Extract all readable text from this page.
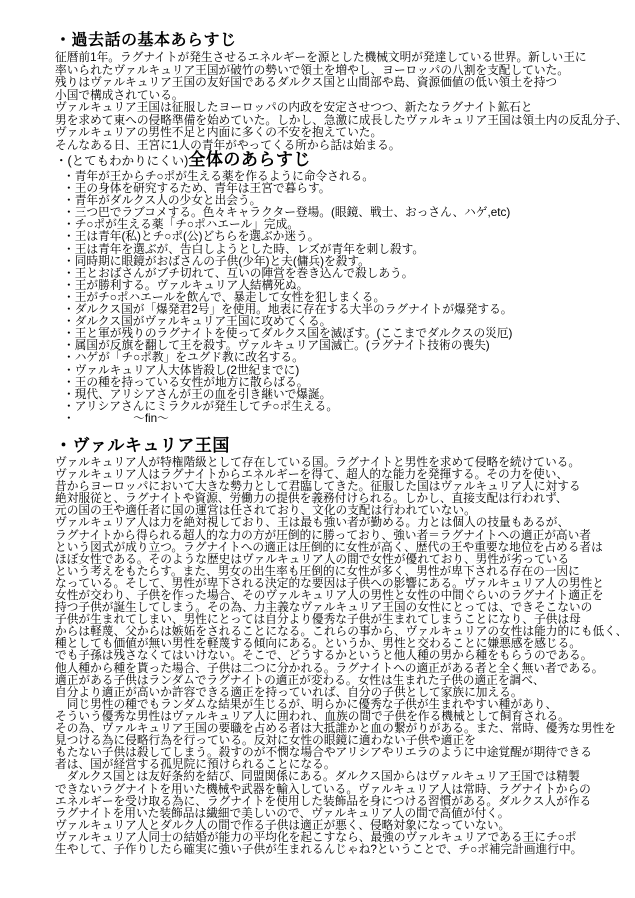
・過去話の基本あらすじ
征暦前1年。ラグナイトが発生させるエネルギーを源とした機械文明が発達している世界。新しい王に
率いられたヴァルキュリア王国が破竹の勢いで領土を増やし、ヨーロッパの八割を支配していた。
残りはヴァルキュリア王国の友好国であるダルクス国と山間部や島、資源価値の低い領土を持つ
小国で構成されている。
ヴァルキュリア王国は征服したヨーロッパの内政を安定させつつ、新たなラグナイト鉱石と
男を求めて東への侵略準備を始めていた。しかし、急激に成長したヴァルキュリア王国は領土内の反乱分子、
ヴァルキュリアの男性不足と内面に多くの不安を抱えていた。
そんなある日、王宮に1人の青年がやってくる所から話は始まる。
・(とてもわかりにくい)全体のあらすじ
・青年が王からチ○ポが生える薬を作るように命令される。
・王の身体を研究するため、青年は王宮で暮らす。
・青年がダルクス人の少女と出会う。
・三つ巴でラブコメする。色々キャラクター登場。(眼鏡、戦士、おっさん、ハゲ,etc)
・チ○ポが生える薬「チ○ポハエール」完成。
・王は青年(私)とチ○ポ(公)どちらを選ぶか迷う。
・王は青年を選ぶが、告白しようとした時、レズが青年を刺し殺す。
・同時期に眼鏡がおばさんの子供(少年)と夫(傭兵)を殺す。
・王とおばさんがブチ切れて、互いの陣営を巻き込んで殺しあう。
・王が勝利する。ヴァルキュリア人結構死ぬ。
・王がチ○ポハエールを飲んで、暴走して女性を犯しまくる。
・ダルクス国が「爆発君2号」を使用。地表に存在する大半のラグナイトが爆発する。
・ダルクス国がヴァルキュリア王国に攻めてくる。
・王と軍が残りのラグナイトを使ってダルクス国を滅ぼす。(ここまでダルクスの災厄)
・属国が反旗を翻して王を殺す。ヴァルキュリア国滅亡。(ラグナイト技術の喪失)
・ハゲが「チ○ポ教」をユグド教に改名する。
・ヴァルキュリア人大体皆殺し(2世紀までに)
・王の種を持っている女性が地方に散らばる。
・現代、アリシアさんが王の血を引き継いで爆誕。
・アリシアさんにミラクルが発生してチ○ポ生える。
・　　　　　～fin～
・ヴァルキュリア王国
ヴァルキュリア人が特権階級として存在している国。ラグナイトと男性を求めて侵略を続けている。
ヴァルキュリア人はラグナイトからエネルギーを得て、超人的な能力を発揮する。その力を使い、
昔からヨーロッパにおいて大きな勢力として君臨してきた。征服した国はヴァルキュリア人に対する
絶対服従と、ラグナイトや資源、労働力の提供を義務付けられる。しかし、直接支配は行われず、
元の国の王や適任者に国の運営は任されており、文化の支配は行われていない。
ヴァルキュリア人は力を絶対視しており、王は最も強い者が勤める。力とは個人の技量もあるが、
ラグナイトから得られる超人的な力の方が圧倒的に勝っており、強い者＝ラグナイトへの適正が高い者
という図式が成り立つ。ラグナイトへの適正は圧倒的に女性が高く、歴代の王や重要な地位を占める者は
ほぼ女性である。そのような歴史はヴァルキュリア人の間で女性が優れており、男性が劣っている
という考えをもたらす。また、男女の出生率も圧倒的に女性が多く、男性が卑下される存在の一因に
なっている。そして、男性が卑下される決定的な要因は子供への影響にある。ヴァルキュリア人の男性と
女性が交わり、子供を作った場合、そのヴァルキュリア人の男性と女性の中間ぐらいのラグナイト適正を
持つ子供が誕生してしまう。その為、力主義なヴァルキュリア王国の女性にとっては、できそこないの
子供が生まれてしまい、男性にとっては自分より優秀な子供が生まれてしまうことになり、子供は母
からは軽蔑、父からは嫉妬をされることになる。これらの事から、ヴァルキュリアの女性は能力的にも低く、
種としても価値が無い男性を軽蔑する傾向にある。というか、男性と交わることに嫌悪感を感じる。
でも子孫は残さなくてはいけない。そこで、どうするかというと他人種の男から種をもらうのである。
他人種から種を貰った場合、子供は二つに分かれる。ラグナイトへの適正がある者と全く無い者である。
適正がある子供はランダムでラグナイトの適正が変わる。女性は生まれた子供の適正を調べ、
自分より適正が高いか許容できる適正を持っていれば、自分の子供として家族に加える。
　同じ男性の種でもランダムな結果が生じるが、明らかに優秀な子供が生まれやすい種があり、
そういう優秀な男性はヴァルキュリア人に囲われ、血族の間で子供を作る機械として飼育される。
その為、ヴァルキュリア王国の要職を占める者は大抵誰かと血の繋がりがある。また、常時、優秀な男性を
見つける為に侵略行為を行っている。反対に女性の眼鏡に適わない子供や適正を
もたない子供は殺してしまう。殺すのが不憫な場合やアリシアやリエラのように中途覚醒が期待できる
者は、国が経営する孤児院に預けられることになる。
　ダルクス国とは友好条約を結び、同盟関係にある。ダルクス国からはヴァルキュリア王国では精製
できないラグナイトを用いた機械や武器を輸入している。ヴァルキュリア人は常時、ラグナイトからの
エネルギーを受け取る為に、ラグナイトを使用した装飾品を身につける習慣がある。ダルクス人が作る
ラグナイトを用いた装飾品は繊細で美しいので、ヴァルキュリア人の間で高値が付く。
ヴァルキュリア人とダルク人の間で作る子供は適正が悪く、侵略対象になっていない。
ヴァルキュリア人同士の結婚が能力の平均化を起こすなら、最強のヴァルキュリアである王にチ○ポ
生やして、子作りしたら確実に強い子供が生まれるんじゃね?ということで、チ○ポ補完計画進行中。
